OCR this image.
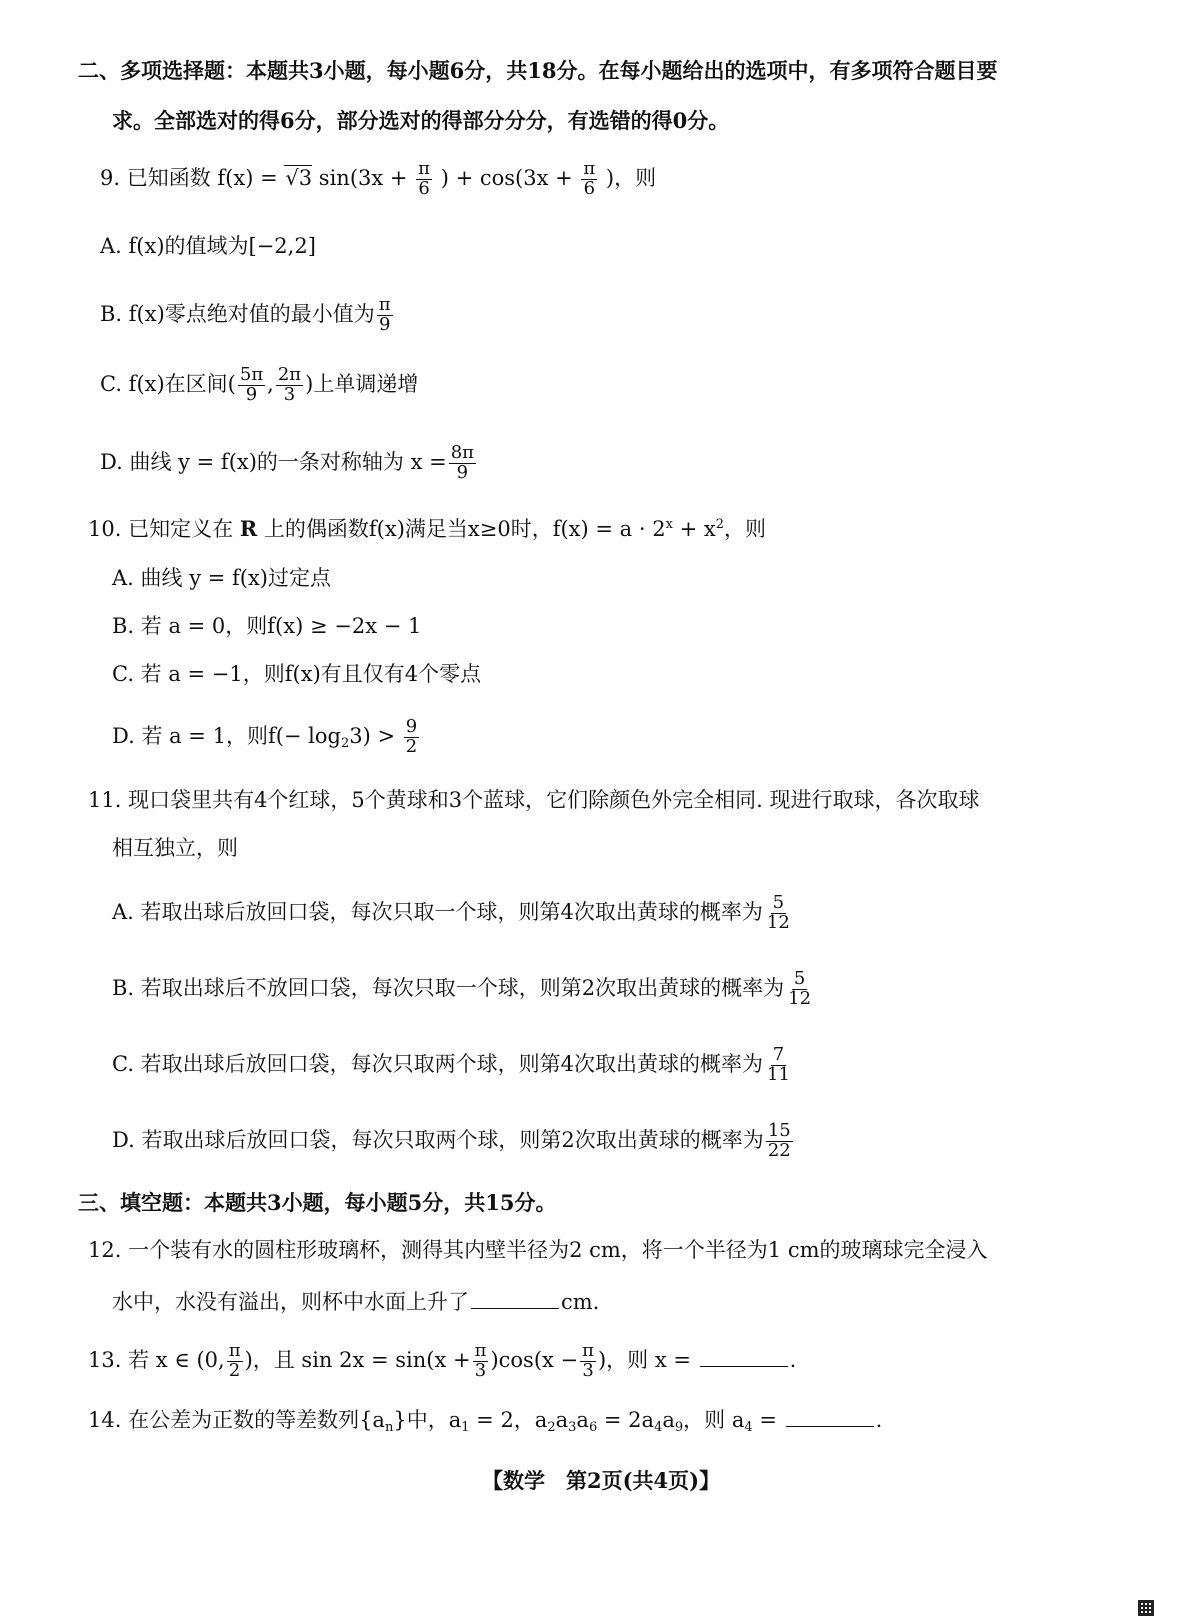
二、多项选择题：本题共3小题，每小题6分，共18分。在每小题给出的选项中，有多项符合题目要
求。全部选对的得6分，部分选对的得部分分分，有选错的得0分。
9. 已知函数 f(x) = √3 $\sin(3x + \frac{\pi}{6}$ ) + $\cos(3x + \frac{\pi}{6}$ )，则
A. f(x)的值域为[−2,2]
B. f(x)零点绝对值的最小值为 $\frac{\pi}{9}$
C. f(x)在区间( $\frac{5\pi}{9}$ , $\frac{2\pi}{3}$ )上单调递增
D. 曲线 y = f(x)的一条对称轴为 $x = \frac{8\pi}{9}$
10. 已知定义在 R 上的偶函数f(x)满足当x≥0时，$f(x) = a \cdot 2^x + x^2$，则
A. 曲线 y = f(x)过定点
B. 若 a = 0，则f(x) ≥ −2x − 1
C. 若 a = −1，则f(x)有且仅有4个零点
D. 若 a = 1，则$f(- \log_23) > \frac{9}{2}$
11. 现口袋里共有4个红球，5个黄球和3个蓝球，它们除颜色外完全相同. 现进行取球，各次取球
相互独立，则
A. 若取出球后放回口袋，每次只取一个球，则第4次取出黄球的概率为 $\frac{5}{12}$
B. 若取出球后不放回口袋，每次只取一个球，则第2次取出黄球的概率为 $\frac{5}{12}$
C. 若取出球后放回口袋，每次只取两个球，则第4次取出黄球的概率为 $\frac{7}{11}$
D. 若取出球后放回口袋，每次只取两个球，则第2次取出黄球的概率为 $\frac{15}{22}$
三、填空题：本题共3小题，每小题5分，共15分。
12. 一个装有水的圆柱形玻璃杯，测得其内壁半径为2 cm，将一个半径为1 cm的玻璃球完全浸入
水中，水没有溢出，则杯中水面上升了	cm.
13. 若 x ∈ (0, $\frac{\pi}{2}$ )，且 $\sin 2x = \sin(x + \frac{\pi}{3} )\cos(x - \frac{\pi}{3}$ )，则 x =	.
14. 在公差为正数的等差数列$\{a_n\}$中，$a_1 = 2$，$a_2a_3a_6 = 2a_4a_9$，则 $a_4$ =	.
【数学　第2页(共4页)】
